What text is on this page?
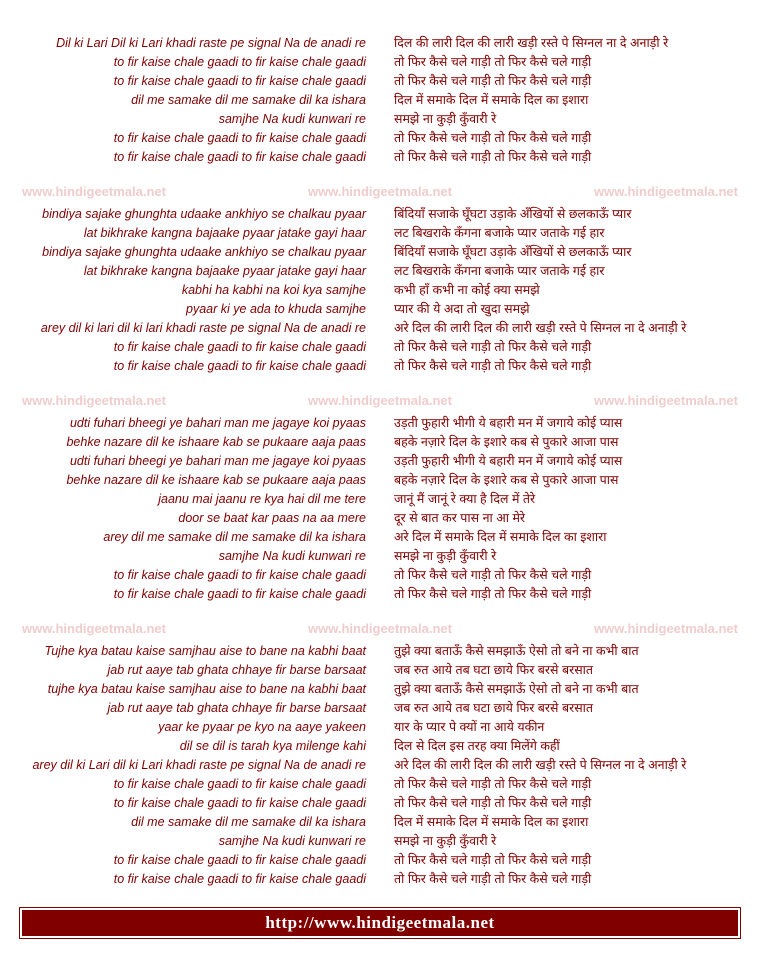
Dil ki Lari Dil ki Lari khadi raste pe signal Na de anadi re	दिल की लारी दिल की लारी खड़ी रस्ते पे सिग्नल ना दे अनाड़ी रे
to fir kaise chale gaadi to fir kaise chale gaadi	तो फिर कैसे चले गाड़ी तो फिर कैसे चले गाड़ी
to fir kaise chale gaadi to fir kaise chale gaadi	तो फिर कैसे चले गाड़ी तो फिर कैसे चले गाड़ी
dil me samake dil me samake dil ka ishara	दिल में समाके दिल में समाके दिल का इशारा
samjhe Na kudi kunwari re	समझे ना कुड़ी कुँवारी रे
to fir kaise chale gaadi to fir kaise chale gaadi	तो फिर कैसे चले गाड़ी तो फिर कैसे चले गाड़ी
to fir kaise chale gaadi to fir kaise chale gaadi	तो फिर कैसे चले गाड़ी तो फिर कैसे चले गाड़ी
www.hindigeetmala.net	www.hindigeetmala.net	www.hindigeetmala.net
bindiya sajake ghunghta udaake ankhiyo se chalkau pyaar	बिंदियाँ सजाके घूँघटा उड़ाके अँखियों से छलकाऊँ प्यार
lat bikhrake kangna bajaake pyaar jatake gayi haar	लट बिखराके कँगना बजाके प्यार जताके गई हार
bindiya sajake ghunghta udaake ankhiyo se chalkau pyaar	बिंदियाँ सजाके घूँघटा उड़ाके अँखियों से छलकाऊँ प्यार
lat bikhrake kangna bajaake pyaar jatake gayi haar	लट बिखराके कँगना बजाके प्यार जताके गई हार
kabhi ha kabhi na koi kya samjhe	कभी हाँ कभी ना कोई क्या समझे
pyaar ki ye ada to khuda samjhe	प्यार की ये अदा तो खुदा समझे
arey dil ki lari dil ki lari khadi raste pe signal Na de anadi re	अरे दिल की लारी दिल की लारी खड़ी रस्ते पे सिग्नल ना दे अनाड़ी रे
to fir kaise chale gaadi to fir kaise chale gaadi	तो फिर कैसे चले गाड़ी तो फिर कैसे चले गाड़ी
to fir kaise chale gaadi to fir kaise chale gaadi	तो फिर कैसे चले गाड़ी तो फिर कैसे चले गाड़ी
www.hindigeetmala.net	www.hindigeetmala.net	www.hindigeetmala.net
udti fuhari bheegi ye bahari man me jagaye koi pyaas	उड़ती फुहारी भीगी ये बहारी मन में जगाये कोई प्यास
behke nazare dil ke ishaare kab se pukaare aaja paas	बहके नज़ारे दिल के इशारे कब से पुकारे आजा पास
udti fuhari bheegi ye bahari man me jagaye koi pyaas	उड़ती फुहारी भीगी ये बहारी मन में जगाये कोई प्यास
behke nazare dil ke ishaare kab se pukaare aaja paas	बहके नज़ारे दिल के इशारे कब से पुकारे आजा पास
jaanu mai jaanu re kya hai dil me tere	जानूं मैं जानूं रे क्या है दिल में तेरे
door se baat kar paas na aa mere	दूर से बात कर पास ना आ मेरे
arey dil me samake dil me samake dil ka ishara	अरे दिल में समाके दिल में समाके दिल का इशारा
samjhe Na kudi kunwari re	समझे ना कुड़ी कुँवारी रे
to fir kaise chale gaadi to fir kaise chale gaadi	तो फिर कैसे चले गाड़ी तो फिर कैसे चले गाड़ी
to fir kaise chale gaadi to fir kaise chale gaadi	तो फिर कैसे चले गाड़ी तो फिर कैसे चले गाड़ी
www.hindigeetmala.net	www.hindigeetmala.net	www.hindigeetmala.net
Tujhe kya batau kaise samjhau aise to bane na kabhi baat	तुझे क्या बताऊँ कैसे समझाऊँ ऐसो तो बने ना कभी बात
jab rut aaye tab ghata chhaye fir barse barsaat	जब रुत आये तब घटा छाये फिर बरसे बरसात
tujhe kya batau kaise samjhau aise to bane na kabhi baat	तुझे क्या बताऊँ कैसे समझाऊँ ऐसो तो बने ना कभी बात
jab rut aaye tab ghata chhaye fir barse barsaat	जब रुत आये तब घटा छाये फिर बरसे बरसात
yaar ke pyaar pe kyo na aaye yakeen	यार के प्यार पे क्यों ना आये यकीन
dil se dil is tarah kya milenge kahi	दिल से दिल इस तरह क्या मिलेंगे कहीं
arey dil ki Lari dil ki Lari khadi raste pe signal Na de anadi re	अरे दिल की लारी दिल की लारी खड़ी रस्ते पे सिग्नल ना दे अनाड़ी रे
to fir kaise chale gaadi to fir kaise chale gaadi	तो फिर कैसे चले गाड़ी तो फिर कैसे चले गाड़ी
to fir kaise chale gaadi to fir kaise chale gaadi	तो फिर कैसे चले गाड़ी तो फिर कैसे चले गाड़ी
dil me samake dil me samake dil ka ishara	दिल में समाके दिल में समाके दिल का इशारा
samjhe Na kudi kunwari re	समझे ना कुड़ी कुँवारी रे
to fir kaise chale gaadi to fir kaise chale gaadi	तो फिर कैसे चले गाड़ी तो फिर कैसे चले गाड़ी
to fir kaise chale gaadi to fir kaise chale gaadi	तो फिर कैसे चले गाड़ी तो फिर कैसे चले गाड़ी
http://www.hindigeetmala.net
